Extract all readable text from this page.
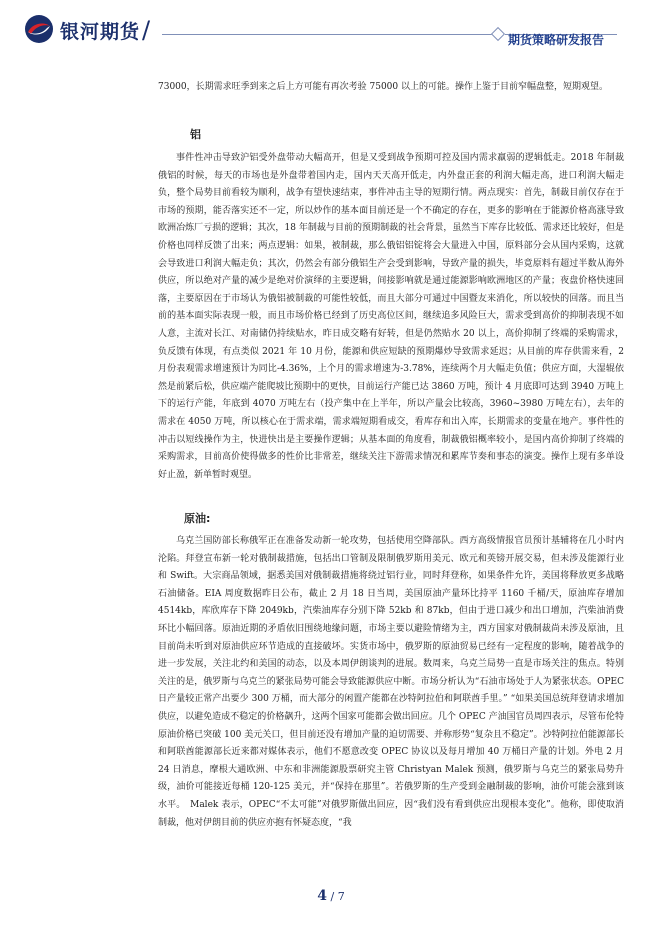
银河期货 /	期货策略研发报告

73000，长期需求旺季到来之后上方可能有再次考验 75000 以上的可能。操作上鉴于目前窄幅盘整，短期观望。

铝

事件性冲击导致沪铝受外盘带动大幅高开，但是又受到战争预期可控及国内需求羸弱的逻辑低走。2018 年制裁俄铝的时候，每天的市场也是外盘带着国内走，国内天天高开低走，内外盘正套的利润大幅走高，进口利润大幅走负，整个局势目前看较为顺利，战争有望快速结束，事件冲击主导的短期行情。两点现实：首先，制裁目前仅存在于市场的预期，能否落实还不一定，所以炒作的基本面目前还是一个不确定的存在，更多的影响在于能源价格高涨导致欧洲冶炼厂亏损的逻辑；其次，18 年制裁与目前的预期制裁的社会背景，虽然当下库存比较低、需求还比较好，但是价格也同样反馈了出来；两点逻辑：如果，被制裁，那么俄铝铝锭将会大量进入中国，原料部分会从国内采购，这就会导致进口利润大幅走负；其次，仍然会有部分俄铝生产会受到影响，导致产量的损失，毕竟原料有超过半数从海外供应，所以绝对产量的减少是绝对价演绎的主要逻辑，间接影响就是通过能源影响欧洲地区的产量；夜盘价格快速回落，主要原因在于市场认为俄铝被制裁的可能性较低，而且大部分可通过中国暨友来消化，所以较快的回落。而且当前的基本面实际表现一般，而且市场价格已经到了历史高位区间，继续追多风险巨大，需求受到高价的抑制表现不如人意，主流对长江、对南储仍持续贴水，昨日成交略有好转，但是仍然贴水 20 以上，高价抑制了终端的采购需求，负反馈有体现，有点类似 2021 年 10 月份，能源和供应短缺的预期爆炒导致需求延迟；从目前的库存供需来看，2 月份表观需求增速预计为同比-4.36%，上个月的需求增速为-3.78%，连续两个月大幅走负值；供应方面，大湿辊依然是前紧后松，供应端产能爬坡比预期中的更快，目前运行产能已达 3860 万吨，预计 4 月底即可达到 3940 万吨上下的运行产能，年底到 4070 万吨左右（投产集中在上半年，所以产量会比较高，3960~3980 万吨左右），去年的需求在 4050 万吨，所以核心在于需求端，需求端短期看成交，看库存和出入库，长期需求的变量在地产。事件性的冲击以短线操作为主，快进快出是主要操作逻辑；从基本面的角度看，制裁俄铝概率较小，是国内高价抑制了终端的采购需求，目前高价使得做多的性价比非常差，继续关注下游需求情况和累库节奏和事态的演变。操作上现有多单设好止盈，新单暂时观望。

原油:

乌克兰国防部长称俄军正在准备发动新一轮攻势，包括使用空降部队。西方高级情报官员预计基辅将在几小时内沦陷。拜登宣布新一轮对俄制裁措施，包括出口管制及限制俄罗斯用美元、欧元和英镑开展交易，但未涉及能源行业和 Swift。大宗商品领域，据悉美国对俄制裁措施将绕过铝行业，同时拜登称，如果条件允许，美国将释放更多战略石油储备。EIA 周度数据昨日公布，截止 2 月 18 日当周，美国原油产量环比持平 1160 千桶/天，原油库存增加 4514kb，库欣库存下降 2049kb，汽柴油库存分别下降 52kb 和 87kb，但由于进口减少和出口增加，汽柴油消费环比小幅回落。原油近期的矛盾依旧围绕地缘问题，市场主要以避险情绪为主，西方国家对俄制裁尚未涉及原油，且目前尚未听到对原油供应环节造成的直接破坏。实货市场中，俄罗斯的原油贸易已经有一定程度的影响，随着战争的进一步发展，关注北约和美国的动态，以及本周伊朗谈判的进展。数周来，乌克兰局势一直是市场关注的焦点。特别关注的是，俄罗斯与乌克兰的紧张局势可能会导致能源供应中断。市场分析认为“石油市场处于人为紧张状态。OPEC 日产量较正常产出要少 300 万桶，而大部分的闲置产能都在沙特阿拉伯和阿联酋手里。” “如果美国总统拜登请求增加供应，以避免造成不稳定的价格飙升，这两个国家可能都会做出回应。几个 OPEC 产油国官员周四表示，尽管布伦特原油价格已突破 100 美元关口，但目前还没有增加产量的迫切需要、并称形势“复杂且不稳定”。沙特阿拉伯能源部长和阿联酋能源部长近来都对媒体表示，他们不愿意改变 OPEC 协议以及每月增加 40 万桶日产量的计划。外电 2 月 24 日消息，摩根大通欧洲、中东和非洲能源股票研究主管 Christyan Malek 预测，俄罗斯与乌克兰的紧张局势升级，油价可能接近每桶 120-125 美元，并“保持在那里”。若俄罗斯的生产受到金融制裁的影响，油价可能会涨到该水平。　Malek 表示，OPEC“不太可能”对俄罗斯做出回应，因“我们没有看到供应出现根本变化”。他称，即使取消制裁，他对伊朗目前的供应亦抱有怀疑态度，“我

4 / 7
